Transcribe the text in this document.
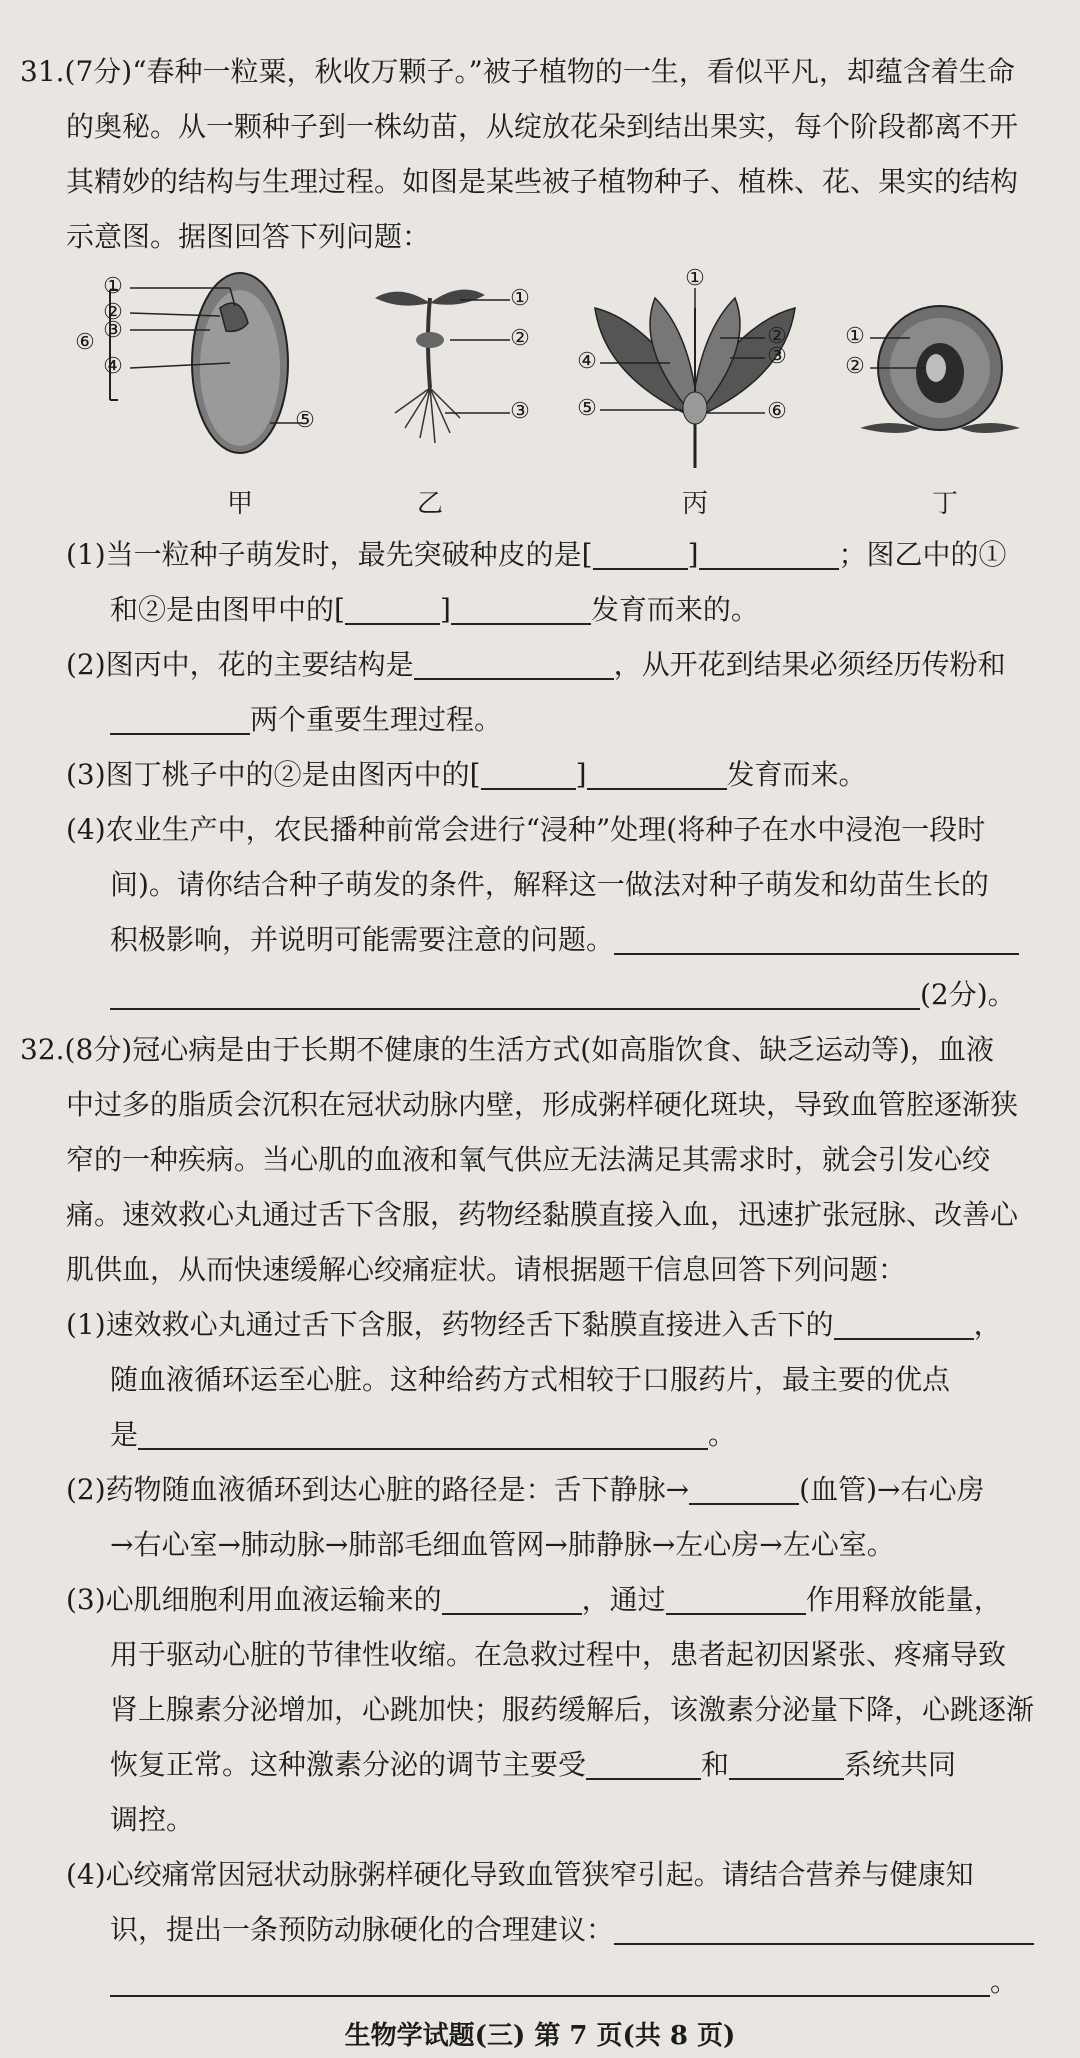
31.(7分)“春种一粒粟，秋收万颗子。”被子植物的一生，看似平凡，却蕴含着生命
的奥秘。从一颗种子到一株幼苗，从绽放花朵到结出果实，每个阶段都离不开
其精妙的结构与生理过程。如图是某些被子植物种子、植株、花、果实的结构
示意图。据图回答下列问题：
①
②
③
④
⑤
⑥
甲
①
②
③
乙
①
②
③
④
⑤	⑥
丙
①
②
丁
(1)当一粒种子萌发时，最先突破种皮的是[	]	；图乙中的①
和②是由图甲中的[	]	发育而来的。
(2)图丙中，花的主要结构是	，从开花到结果必须经历传粉和
两个重要生理过程。
(3)图丁桃子中的②是由图丙中的[	]	发育而来。
(4)农业生产中，农民播种前常会进行“浸种”处理(将种子在水中浸泡一段时
间)。请你结合种子萌发的条件，解释这一做法对种子萌发和幼苗生长的
积极影响，并说明可能需要注意的问题。
(2分)。
32.(8分)冠心病是由于长期不健康的生活方式(如高脂饮食、缺乏运动等)，血液
中过多的脂质会沉积在冠状动脉内壁，形成粥样硬化斑块，导致血管腔逐渐狭
窄的一种疾病。当心肌的血液和氧气供应无法满足其需求时，就会引发心绞
痛。速效救心丸通过舌下含服，药物经黏膜直接入血，迅速扩张冠脉、改善心
肌供血，从而快速缓解心绞痛症状。请根据题干信息回答下列问题：
(1)速效救心丸通过舌下含服，药物经舌下黏膜直接进入舌下的	，
随血液循环运至心脏。这种给药方式相较于口服药片，最主要的优点
是	。
(2)药物随血液循环到达心脏的路径是：舌下静脉→	(血管)→右心房
→右心室→肺动脉→肺部毛细血管网→肺静脉→左心房→左心室。
(3)心肌细胞利用血液运输来的	，通过	作用释放能量，
用于驱动心脏的节律性收缩。在急救过程中，患者起初因紧张、疼痛导致
肾上腺素分泌增加，心跳加快；服药缓解后，该激素分泌量下降，心跳逐渐
恢复正常。这种激素分泌的调节主要受	和	系统共同
调控。
(4)心绞痛常因冠状动脉粥样硬化导致血管狭窄引起。请结合营养与健康知
识，提出一条预防动脉硬化的合理建议：
。
生物学试题(三) 第 7 页(共 8 页)
